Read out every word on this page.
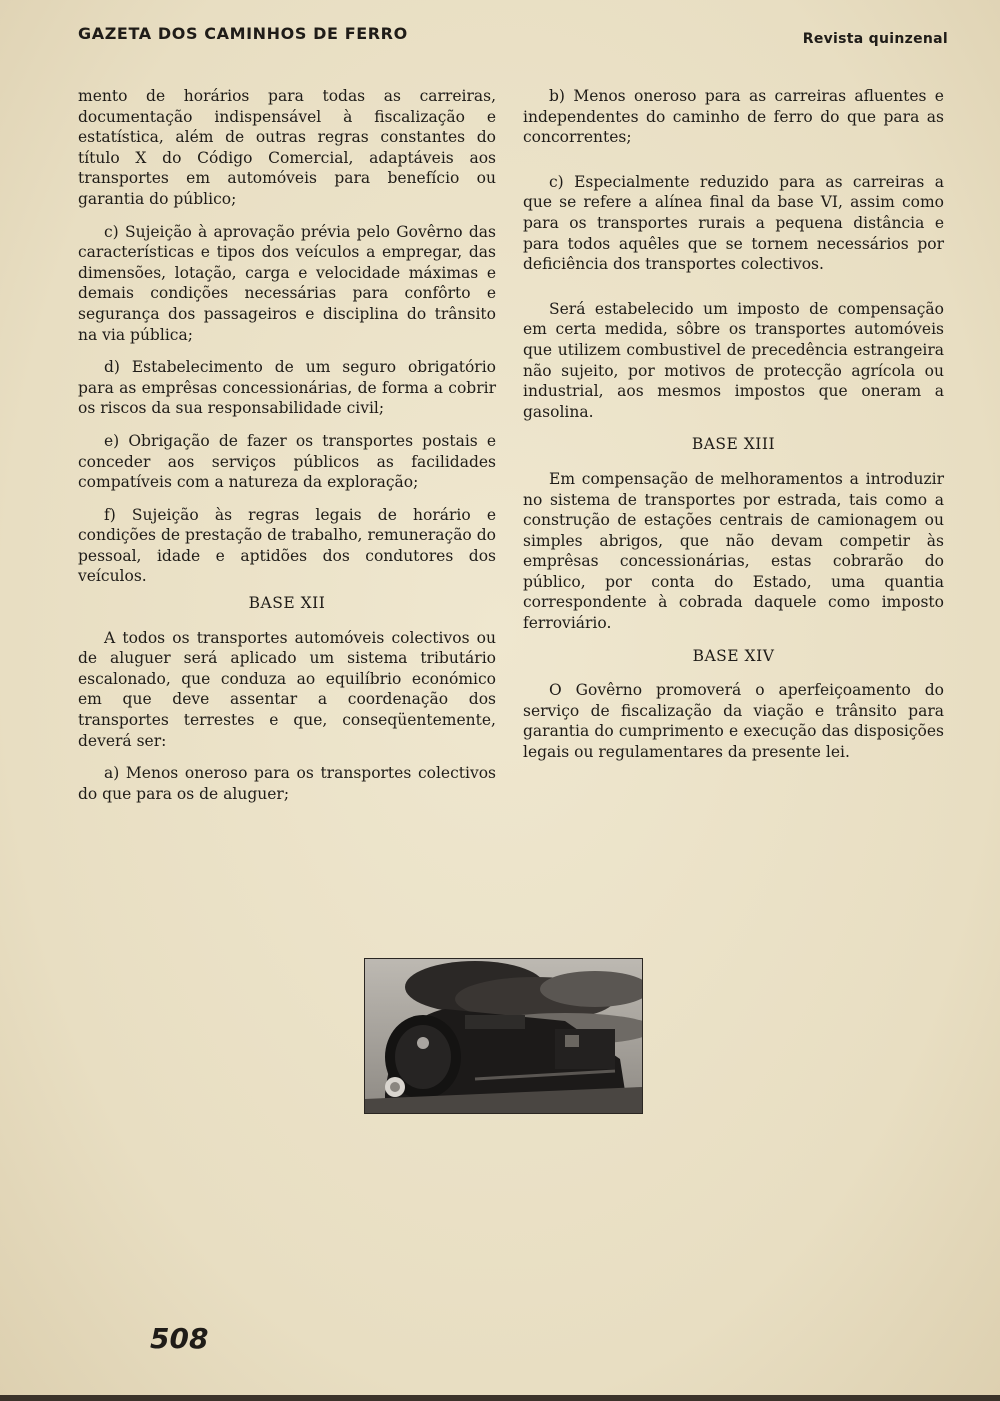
GAZETA DOS CAMINHOS DE FERRO	Revista quinzenal

mento de horários para todas as carreiras, documentação indispensável à fiscalização e estatística, além de outras regras constantes do título X do Código Comercial, adaptáveis aos transportes em automóveis para benefício ou garantia do público;

c) Sujeição à aprovação prévia pelo Govêrno das características e tipos dos veículos a empregar, das dimensões, lotação, carga e velocidade máximas e demais condições necessárias para confôrto e segurança dos passageiros e disciplina do trânsito na via pública;

d) Estabelecimento de um seguro obrigatório para as emprêsas concessionárias, de forma a cobrir os riscos da sua responsabilidade civil;

e) Obrigação de fazer os transportes postais e conceder aos serviços públicos as facilidades compatíveis com a natureza da exploração;

f) Sujeição às regras legais de horário e condições de prestação de trabalho, remuneração do pessoal, idade e aptidões dos condutores dos veículos.

BASE XII

A todos os transportes automóveis colectivos ou de aluguer será aplicado um sistema tributário escalonado, que conduza ao equilíbrio económico em que deve assentar a coordenação dos transportes terrestes e que, conseqüentemente, deverá ser:

a) Menos oneroso para os transportes colectivos do que para os de aluguer;

b) Menos oneroso para as carreiras afluentes e independentes do caminho de ferro do que para as concorrentes;

c) Especialmente reduzido para as carreiras a que se refere a alínea final da base VI, assim como para os transportes rurais a pequena distância e para todos aquêles que se tornem necessários por deficiência dos transportes colectivos.

Será estabelecido um imposto de compensação em certa medida, sôbre os transportes automóveis que utilizem combustivel de precedência estrangeira não sujeito, por motivos de protecção agrícola ou industrial, aos mesmos impostos que oneram a gasolina.

BASE XIII

Em compensação de melhoramentos a introduzir no sistema de transportes por estrada, tais como a construção de estações centrais de camionagem ou simples abrigos, que não devam competir às emprêsas concessionárias, estas cobrarão do público, por conta do Estado, uma quantia correspondente à cobrada daquele como imposto ferroviário.

BASE XIV

O Govêrno promoverá o aperfeiçoamento do serviço de fiscalização da viação e trânsito para garantia do cumprimento e execução das disposições legais ou regulamentares da presente lei.

508
